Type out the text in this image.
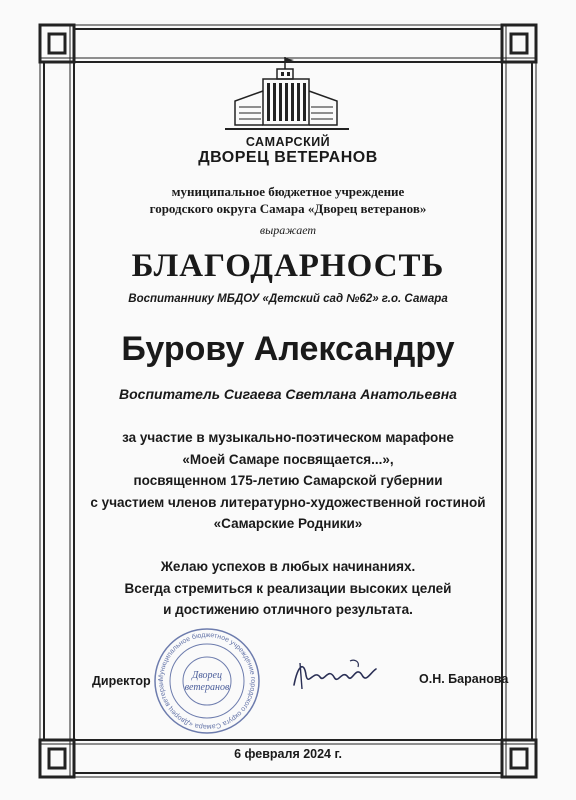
САМАРСКИЙ
ДВОРЕЦ ВЕТЕРАНОВ
муниципальное бюджетное учреждение
городского округа Самара «Дворец ветеранов»
выражает
БЛАГОДАРНОСТЬ
Воспитаннику МБДОУ «Детский сад №62» г.о. Самара
Бурову Александру
Воспитатель Сигаева Светлана Анатольевна
за участие в музыкально-поэтическом марафоне
«Моей Самаре посвящается...»,
посвященном 175-летию Самарской губернии
с участием членов литературно-художественной гостиной
«Самарские Родники»
Желаю успехов в любых начинаниях.
Всегда стремиться к реализации высоких целей
и достижению отличного результата.
Муниципальное бюджетное учреждение городского округа Самара «Дворец ветеран
Дворец
ветеранов
Директор	О.Н. Баранова
6 февраля 2024 г.
